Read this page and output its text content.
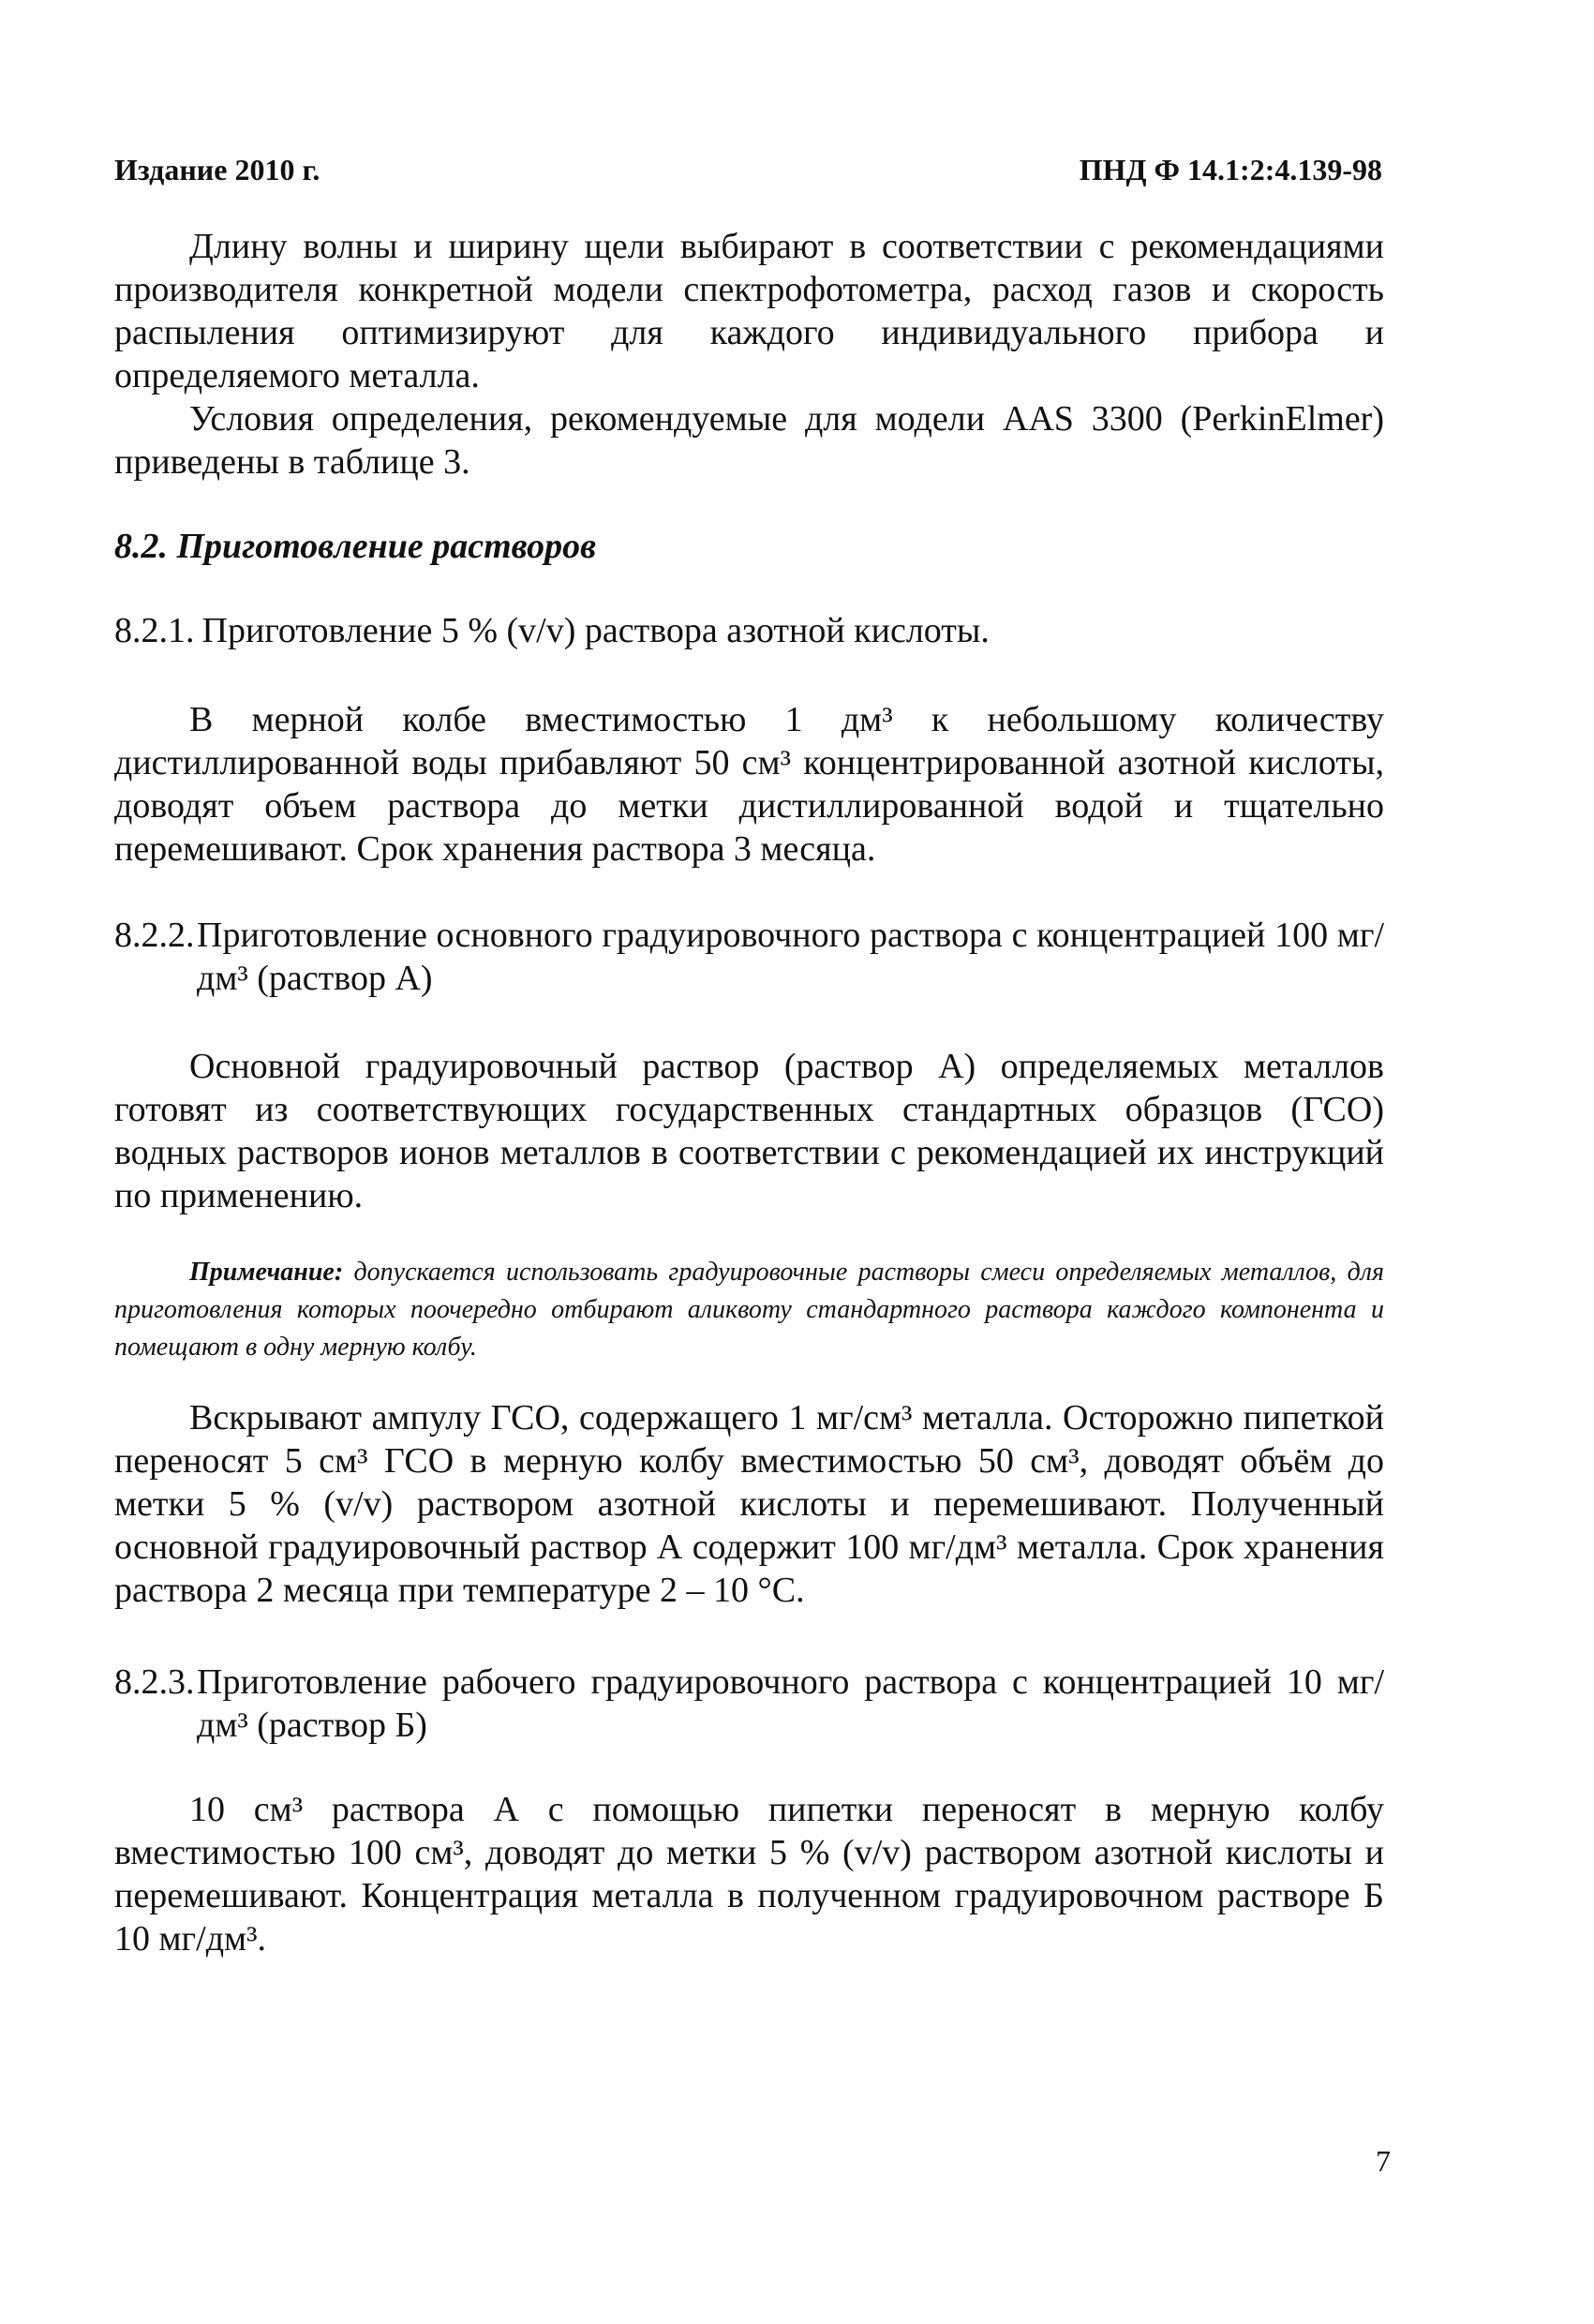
Издание 2010 г.	ПНД Ф 14.1:2:4.139-98
Длину волны и ширину щели выбирают в соответствии с рекомендациями производителя конкретной модели спектрофотометра, расход газов и скорость распыления оптимизируют для каждого индивидуального прибора и определяемого металла.
Условия определения, рекомендуемые для модели AAS 3300 (PerkinElmer) приведены в таблице 3.
8.2. Приготовление растворов
8.2.1. Приготовление 5 % (v/v) раствора азотной кислоты.
В мерной колбе вместимостью 1 дм³ к небольшому количеству дистиллированной воды прибавляют 50 см³ концентрированной азотной кислоты, доводят объем раствора до метки дистиллированной водой и тщательно перемешивают. Срок хранения раствора 3 месяца.
8.2.2. Приготовление основного градуировочного раствора с концентрацией 100 мг/дм³ (раствор А)
Основной градуировочный раствор (раствор А) определяемых металлов готовят из соответствующих государственных стандартных образцов (ГСО) водных растворов ионов металлов в соответствии с рекомендацией их инструкций по применению.
Примечание: допускается использовать градуировочные растворы смеси определяемых металлов, для приготовления которых поочередно отбирают аликвоту стандартного раствора каждого компонента и помещают в одну мерную колбу.
Вскрывают ампулу ГСО, содержащего 1 мг/см³ металла. Осторожно пипеткой переносят 5 см³ ГСО в мерную колбу вместимостью 50 см³, доводят объём до метки 5 % (v/v) раствором азотной кислоты и перемешивают. Полученный основной градуировочный раствор А содержит 100 мг/дм³ металла. Срок хранения раствора 2 месяца при температуре 2 – 10 °С.
8.2.3. Приготовление рабочего градуировочного раствора с концентрацией 10 мг/дм³ (раствор Б)
10 см³ раствора А с помощью пипетки переносят в мерную колбу вместимостью 100 см³, доводят до метки 5 % (v/v) раствором азотной кислоты и перемешивают. Концентрация металла в полученном градуировочном растворе Б 10 мг/дм³.
7
